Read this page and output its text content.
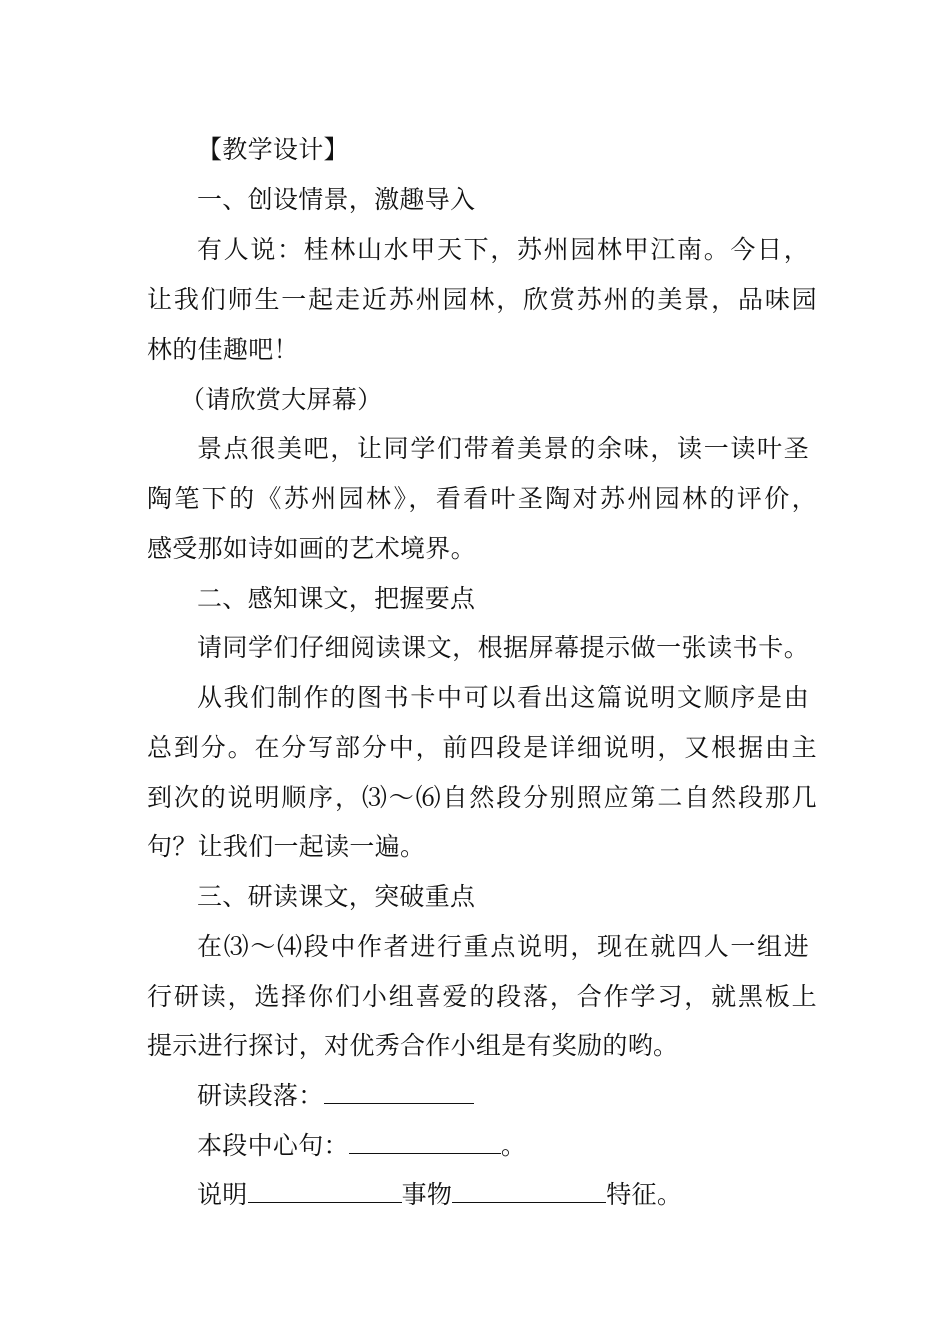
【教学设计】
一、创设情景，激趣导入
有人说：桂林山水甲天下，苏州园林甲江南。今日，
让我们师生一起走近苏州园林，欣赏苏州的美景，品味园
林的佳趣吧！
（请欣赏大屏幕）
景点很美吧，让同学们带着美景的余味，读一读叶圣
陶笔下的《苏州园林》，看看叶圣陶对苏州园林的评价，
感受那如诗如画的艺术境界。
二、感知课文，把握要点
请同学们仔细阅读课文，根据屏幕提示做一张读书卡。
从我们制作的图书卡中可以看出这篇说明文顺序是由
总到分。在分写部分中，前四段是详细说明，又根据由主
到次的说明顺序，⑶～⑹自然段分别照应第二自然段那几
句？让我们一起读一遍。
三、研读课文，突破重点
在⑶～⑷段中作者进行重点说明，现在就四人一组进
行研读，选择你们小组喜爱的段落，合作学习，就黑板上
提示进行探讨，对优秀合作小组是有奖励的哟。
研读段落：
本段中心句：	。
说明	事物	特征。
